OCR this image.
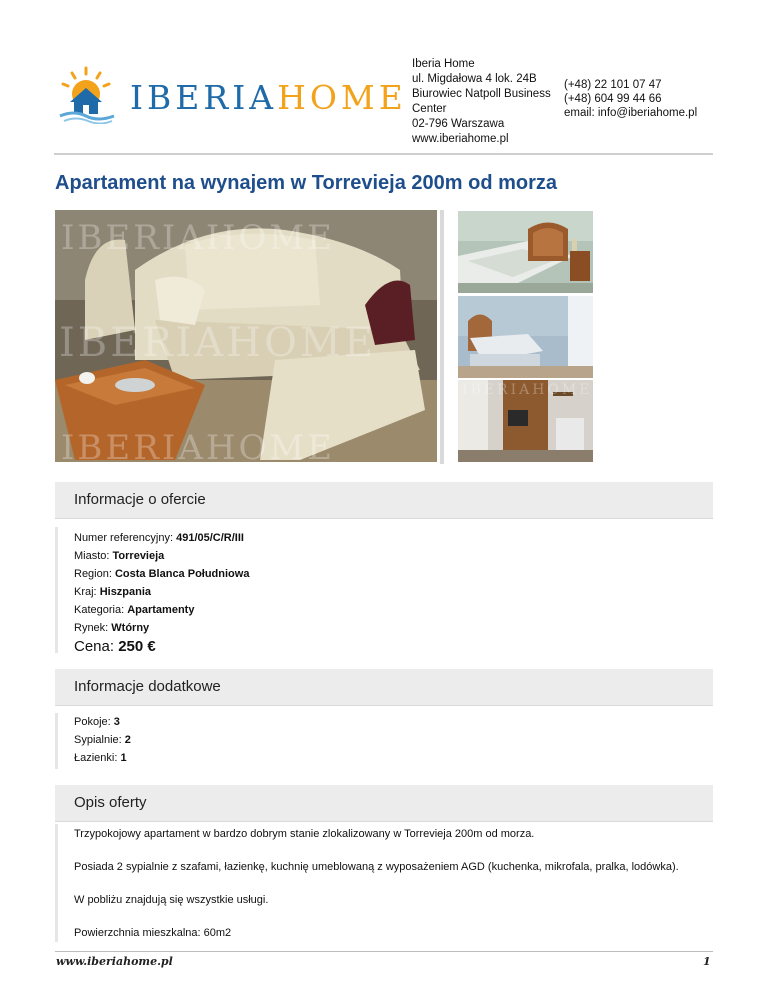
IBERIAHOME
Iberia Home
ul. Migdałowa 4 lok. 24B
Biurowiec Natpoll Business
Center
02-796 Warszawa
www.iberiahome.pl
(+48) 22 101 07 47
(+48) 604 99 44 66
email: info@iberiahome.pl
Apartament na wynajem w Torrevieja 200m od morza
IBERIAHOME
IBERIAHOME
IBERIAHOME
IBERIAHOME
Informacje o ofercie
Numer referencyjny: 491/05/C/R/III
Miasto: Torrevieja
Region: Costa Blanca Południowa
Kraj: Hiszpania
Kategoria: Apartamenty
Rynek: Wtórny
Cena: 250 €
Informacje dodatkowe
Pokoje: 3
Sypialnie: 2
Łazienki: 1
Opis oferty

Trzypokojowy apartament w bardzo dobrym stanie zlokalizowany w Torrevieja 200m od morza.

Posiada 2 sypialnie z szafami, łazienkę, kuchnię umeblowaną z wyposażeniem AGD (kuchenka, mikrofala, pralka, lodówka).

W pobliżu znajdują się wszystkie usługi.

Powierzchnia mieszkalna: 60m2

www.iberiahome.pl	1
